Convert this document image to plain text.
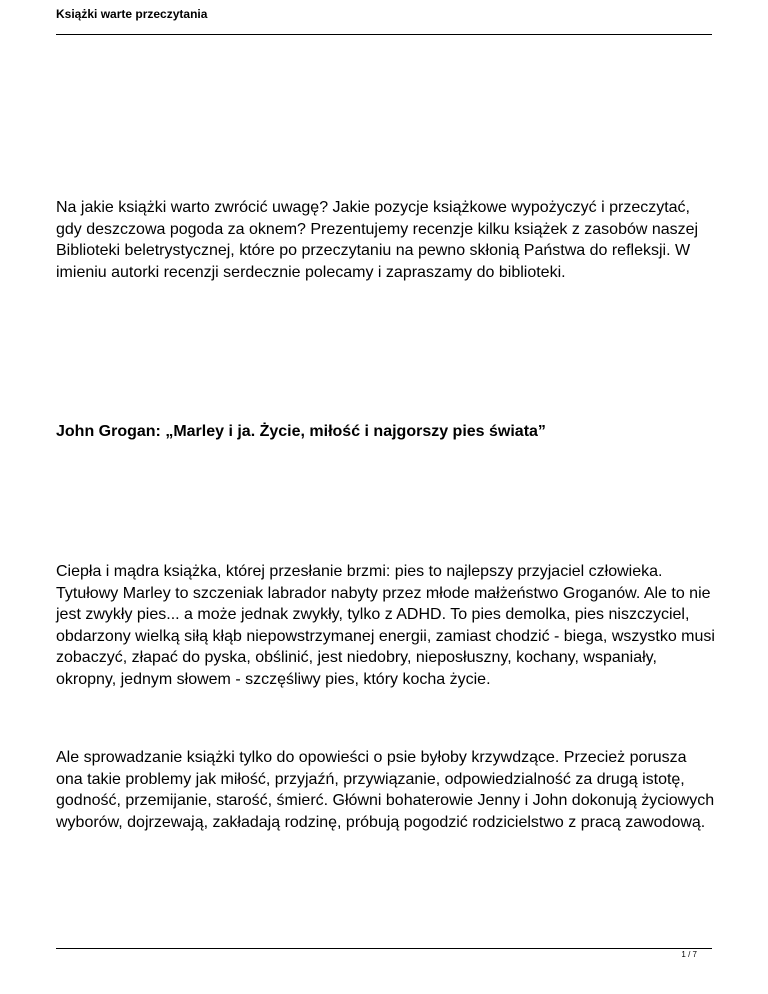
Książki warte przeczytania

Na jakie książki warto zwrócić uwagę? Jakie pozycje książkowe wypożyczyć i przeczytać, gdy deszczowa pogoda za oknem? Prezentujemy recenzje kilku książek z zasobów naszej Biblioteki beletrystycznej, które po przeczytaniu na pewno skłonią Państwa do refleksji. W imieniu autorki recenzji serdecznie polecamy i zapraszamy do biblioteki.

John Grogan: „Marley i ja. Życie, miłość i najgorszy pies świata”

Ciepła i mądra książka, której przesłanie brzmi: pies to najlepszy przyjaciel człowieka. Tytułowy Marley to szczeniak labrador nabyty przez młode małżeństwo Groganów. Ale to nie jest zwykły pies... a może jednak zwykły, tylko z ADHD. To pies demolka, pies niszczyciel, obdarzony wielką siłą kłąb niepowstrzymanej energii, zamiast chodzić - biega, wszystko musi zobaczyć, złapać do pyska, obślinić, jest niedobry, nieposłuszny, kochany, wspaniały, okropny, jednym słowem - szczęśliwy pies, który kocha życie.

Ale sprowadzanie książki tylko do opowieści o psie byłoby krzywdzące. Przecież porusza ona takie problemy jak miłość, przyjaźń, przywiązanie, odpowiedzialność za drugą istotę, godność, przemijanie, starość, śmierć. Główni bohaterowie Jenny i John dokonują życiowych wyborów, dojrzewają, zakładają rodzinę, próbują pogodzić rodzicielstwo z pracą zawodową.

1 / 7
